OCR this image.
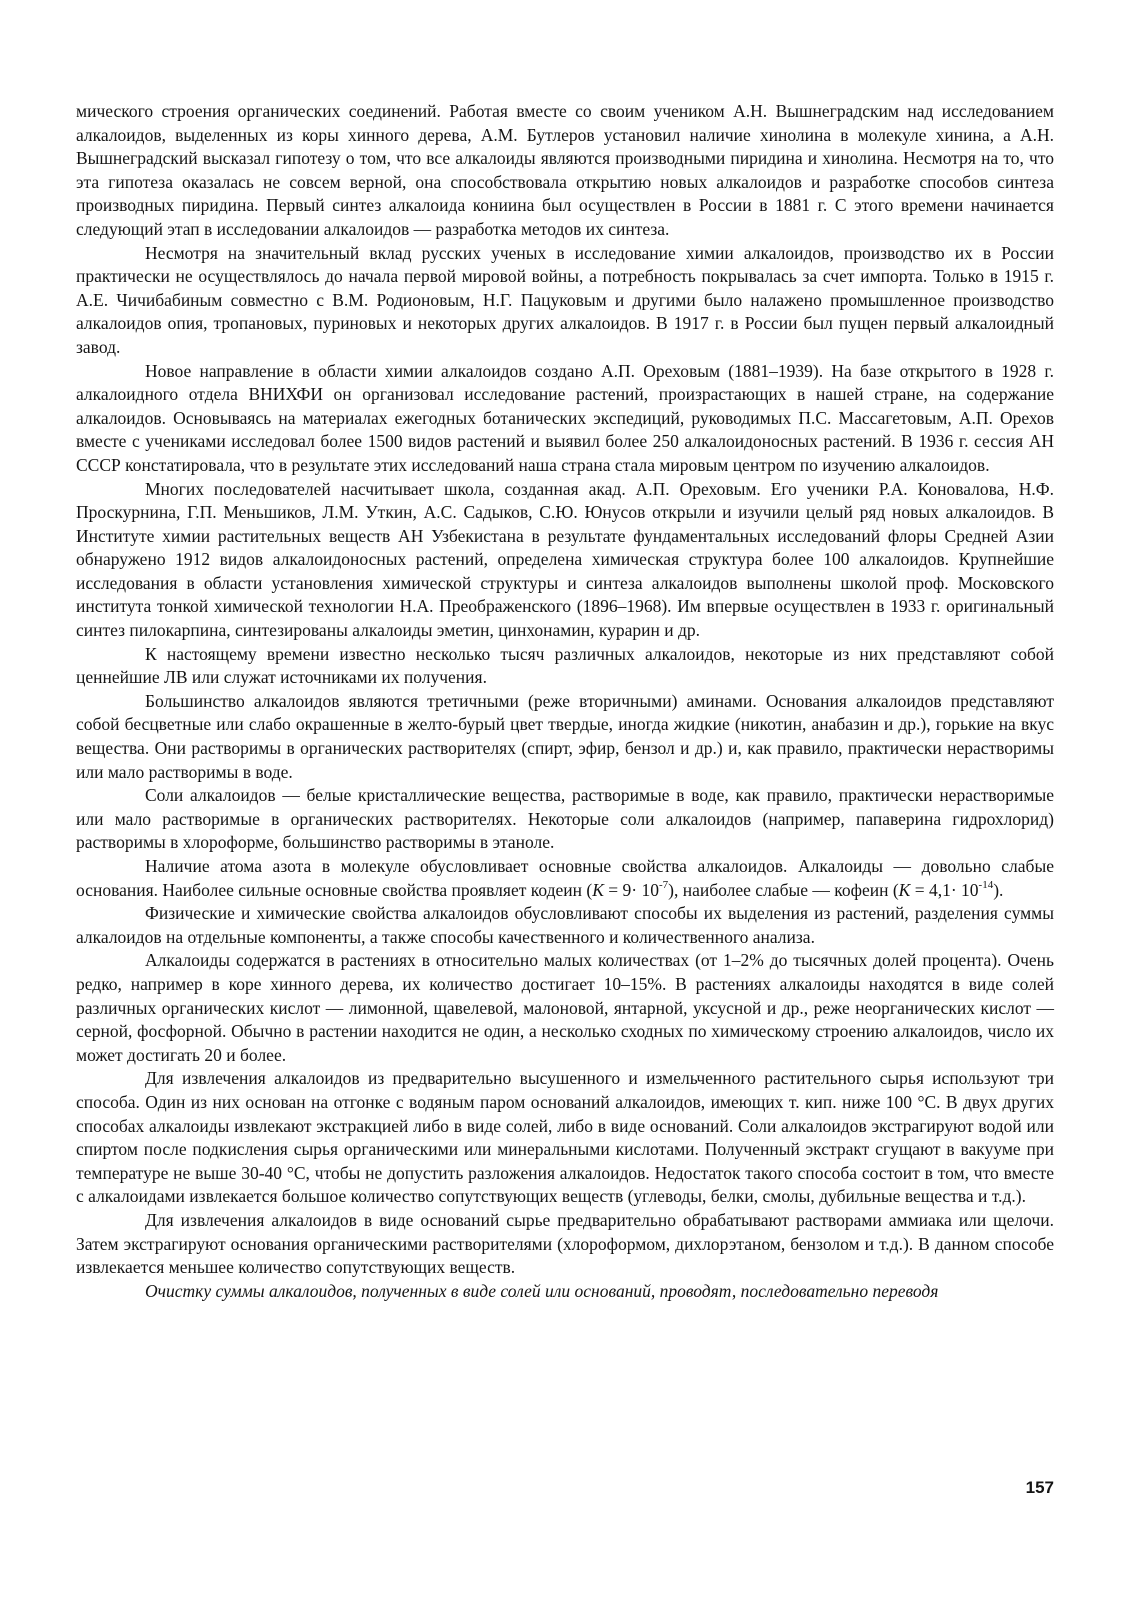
мического строения органических соединений. Работая вместе со своим учеником А.Н. Вышнеградским над исследованием алкалоидов, выделенных из коры хинного дерева, А.М. Бутлеров установил наличие хинолина в молекуле хинина, а А.Н. Вышнеградский высказал гипотезу о том, что все алкалоиды являются производными пиридина и хинолина. Несмотря на то, что эта гипотеза оказалась не совсем верной, она способствовала открытию новых алкалоидов и разработке способов синтеза производных пиридина. Первый синтез алкалоида кониина был осуществлен в России в 1881 г. С этого времени начинается следующий этап в исследовании алкалоидов — разработка методов их синтеза.

Несмотря на значительный вклад русских ученых в исследование химии алкалоидов, производство их в России практически не осуществлялось до начала первой мировой войны, а потребность покрывалась за счет импорта. Только в 1915 г. А.Е. Чичибабиным совместно с В.М. Родионовым, Н.Г. Пацуковым и другими было налажено промышленное производство алкалоидов опия, тропановых, пуриновых и некоторых других алкалоидов. В 1917 г. в России был пущен первый алкалоидный завод.

Новое направление в области химии алкалоидов создано А.П. Ореховым (1881–1939). На базе открытого в 1928 г. алкалоидного отдела ВНИХФИ он организовал исследование растений, произрастающих в нашей стране, на содержание алкалоидов. Основываясь на материалах ежегодных ботанических экспедиций, руководимых П.С. Массагетовым, А.П. Орехов вместе с учениками исследовал более 1500 видов растений и выявил более 250 алкалоидоносных растений. В 1936 г. сессия АН СССР констатировала, что в результате этих исследований наша страна стала мировым центром по изучению алкалоидов.

Многих последователей насчитывает школа, созданная акад. А.П. Ореховым. Его ученики Р.А. Коновалова, Н.Ф. Проскурнина, Г.П. Меньшиков, Л.М. Уткин, А.С. Садыков, С.Ю. Юнусов открыли и изучили целый ряд новых алкалоидов. В Институте химии растительных веществ АН Узбекистана в результате фундаментальных исследований флоры Средней Азии обнаружено 1912 видов алкалоидоносных растений, определена химическая структура более 100 алкалоидов. Крупнейшие исследования в области установления химической структуры и синтеза алкалоидов выполнены школой проф. Московского института тонкой химической технологии Н.А. Преображенского (1896–1968). Им впервые осуществлен в 1933 г. оригинальный синтез пилокарпина, синтезированы алкалоиды эметин, цинхонамин, курарин и др.

К настоящему времени известно несколько тысяч различных алкалоидов, некоторые из них представляют собой ценнейшие ЛВ или служат источниками их получения.

Большинство алкалоидов являются третичными (реже вторичными) аминами. Основания алкалоидов представляют собой бесцветные или слабо окрашенные в желто-бурый цвет твердые, иногда жидкие (никотин, анабазин и др.), горькие на вкус вещества. Они растворимы в органических растворителях (спирт, эфир, бензол и др.) и, как правило, практически нерастворимы или мало растворимы в воде.

Соли алкалоидов — белые кристаллические вещества, растворимые в воде, как правило, практически нерастворимые или мало растворимые в органических растворителях. Некоторые соли алкалоидов (например, папаверина гидрохлорид) растворимы в хлороформе, большинство растворимы в этаноле.

Наличие атома азота в молекуле обусловливает основные свойства алкалоидов. Алкалоиды — довольно слабые основания. Наиболее сильные основные свойства проявляет кодеин $(K = 9\cdot 10^{-7})$, наиболее слабые — кофеин $(K = 4,1\cdot 10^{-14})$.

Физические и химические свойства алкалоидов обусловливают способы их выделения из растений, разделения суммы алкалоидов на отдельные компоненты, а также способы качественного и количественного анализа.

Алкалоиды содержатся в растениях в относительно малых количествах (от 1–2% до тысячных долей процента). Очень редко, например в коре хинного дерева, их количество достигает 10–15%. В растениях алкалоиды находятся в виде солей различных органических кислот — лимонной, щавелевой, малоновой, янтарной, уксусной и др., реже неорганических кислот — серной, фосфорной. Обычно в растении находится не один, а несколько сходных по химическому строению алкалоидов, число их может достигать 20 и более.

Для извлечения алкалоидов из предварительно высушенного и измельченного растительного сырья используют три способа. Один из них основан на отгонке с водяным паром оснований алкалоидов, имеющих т. кип. ниже 100 °С. В двух других способах алкалоиды извлекают экстракцией либо в виде солей, либо в виде оснований. Соли алкалоидов экстрагируют водой или спиртом после подкисления сырья органическими или минеральными кислотами. Полученный экстракт сгущают в вакууме при температуре не выше 30-40 °С, чтобы не допустить разложения алкалоидов. Недостаток такого способа состоит в том, что вместе с алкалоидами извлекается большое количество сопутствующих веществ (углеводы, белки, смолы, дубильные вещества и т.д.).

Для извлечения алкалоидов в виде оснований сырье предварительно обрабатывают растворами аммиака или щелочи. Затем экстрагируют основания органическими растворителями (хлороформом, дихлорэтаном, бензолом и т.д.). В данном способе извлекается меньшее количество сопутствующих веществ.

Очистку суммы алкалоидов, полученных в виде солей или оснований, проводят, последовательно переводя

157
